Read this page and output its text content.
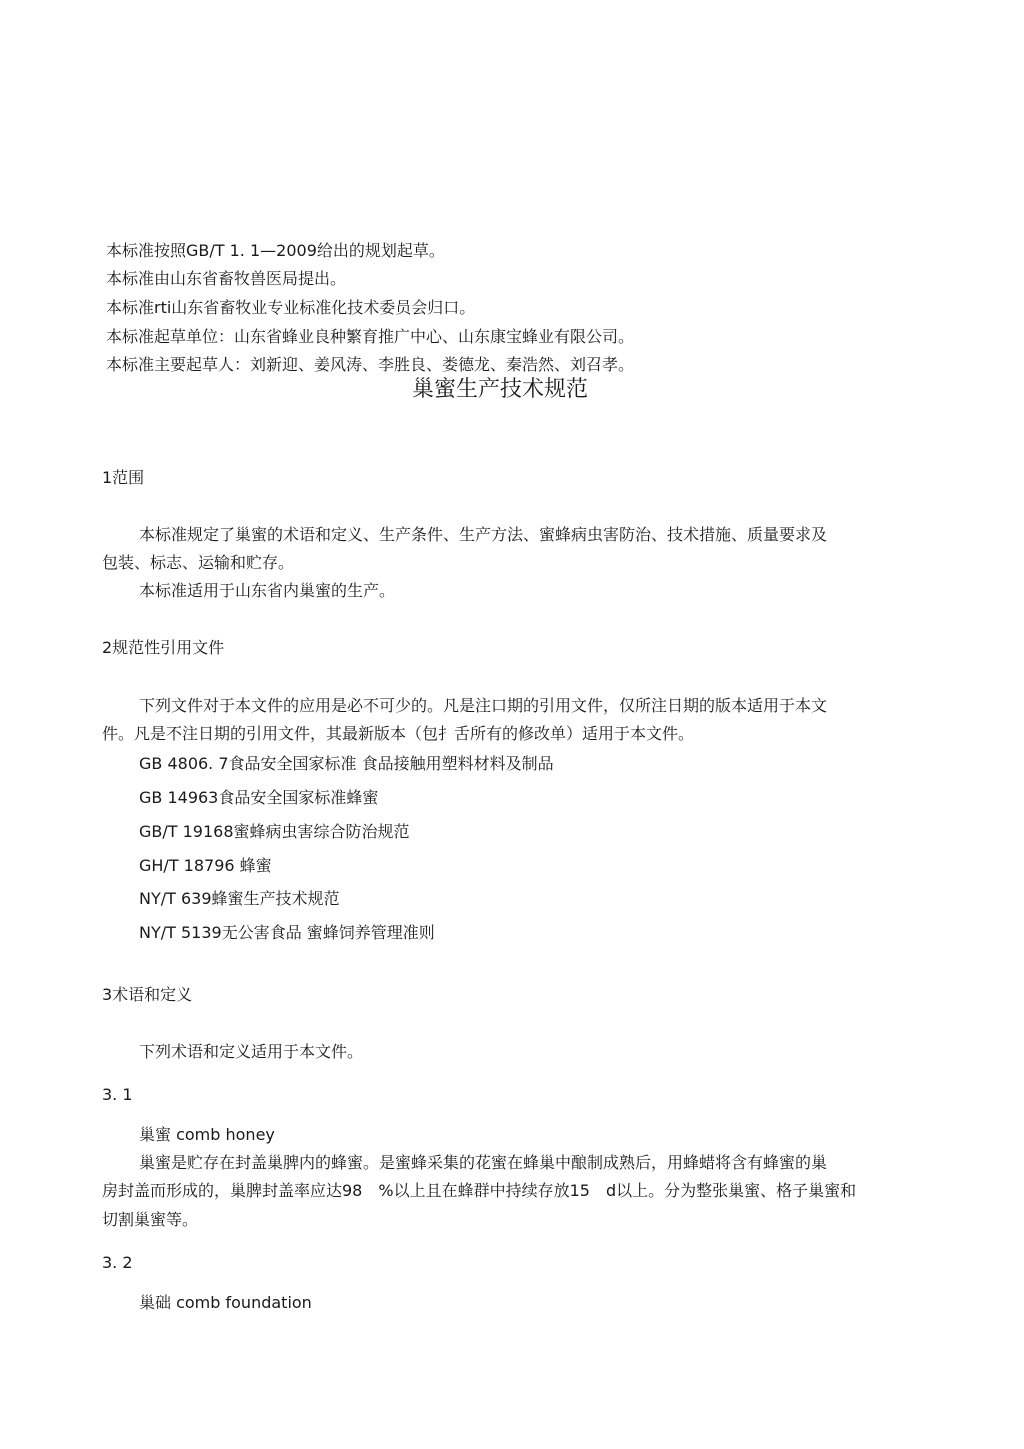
本标准按照GB/T 1. 1—2009给出的规划起草。
本标准由山东省畜牧兽医局提出。
本标准rti山东省畜牧业专业标准化技术委员会归口。
本标准起草单位：山东省蜂业良种繁育推广中心、山东康宝蜂业有限公司。
本标准主要起草人：刘新迎、姜风涛、李胜良、娄德龙、秦浩然、刘召孝。
巢蜜生产技术规范
1范围
本标准规定了巢蜜的术语和定义、生产条件、生产方法、蜜蜂病虫害防治、技术措施、质量要求及
包装、标志、运输和贮存。
本标准适用于山东省内巢蜜的生产。
2规范性引用文件
下列文件对于本文件的应用是必不可少的。凡是注口期的引用文件，仅所注日期的版本适用于本文
件。凡是不注日期的引用文件，其最新版本（包扌舌所有的修改单）适用于本文件。
GB 4806. 7食品安全国家标准 食品接触用塑料材料及制品
GB 14963食品安全国家标准蜂蜜
GB/T 19168蜜蜂病虫害综合防治规范
GH/T 18796 蜂蜜
NY/T 639蜂蜜生产技术规范
NY/T 5139无公害食品 蜜蜂饲养管理准则
3术语和定义
下列术语和定义适用于本文件。
3. 1
巢蜜 comb honey
巢蜜是贮存在封盖巢脾内的蜂蜜。是蜜蜂采集的花蜜在蜂巢中酿制成熟后，用蜂蜡将含有蜂蜜的巢
房封盖而形成的，巢脾封盖率应达98 %以上且在蜂群中持续存放15 d以上。分为整张巢蜜、格子巢蜜和
切割巢蜜等。
3. 2
巢础 comb foundation
